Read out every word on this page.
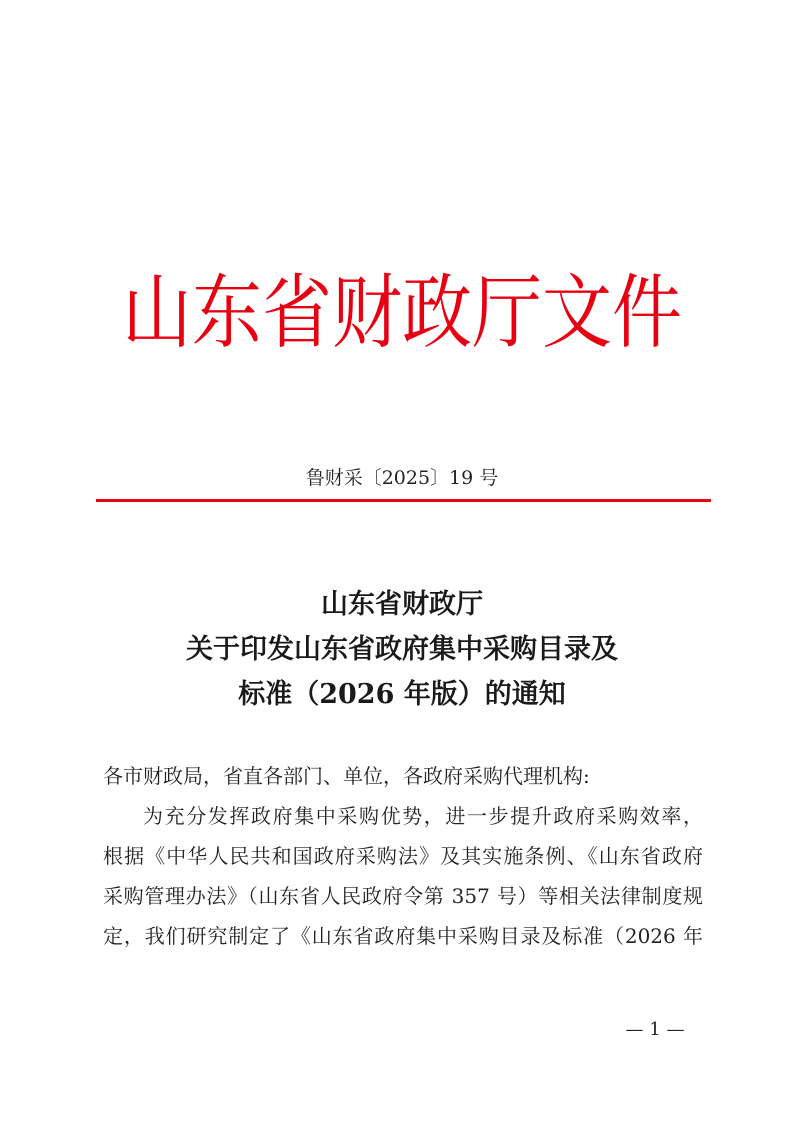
山东省财政厅文件
鲁财采〔2025〕19 号
山东省财政厅
关于印发山东省政府集中采购目录及
标准（2026 年版）的通知
各市财政局，省直各部门、单位，各政府采购代理机构:
为充分发挥政府集中采购优势，进一步提升政府采购效率，
根据《中华人民共和国政府采购法》及其实施条例、《山东省政府
采购管理办法》（山东省人民政府令第 357 号）等相关法律制度规
定，我们研究制定了《山东省政府集中采购目录及标准（2026 年
— 1 —
